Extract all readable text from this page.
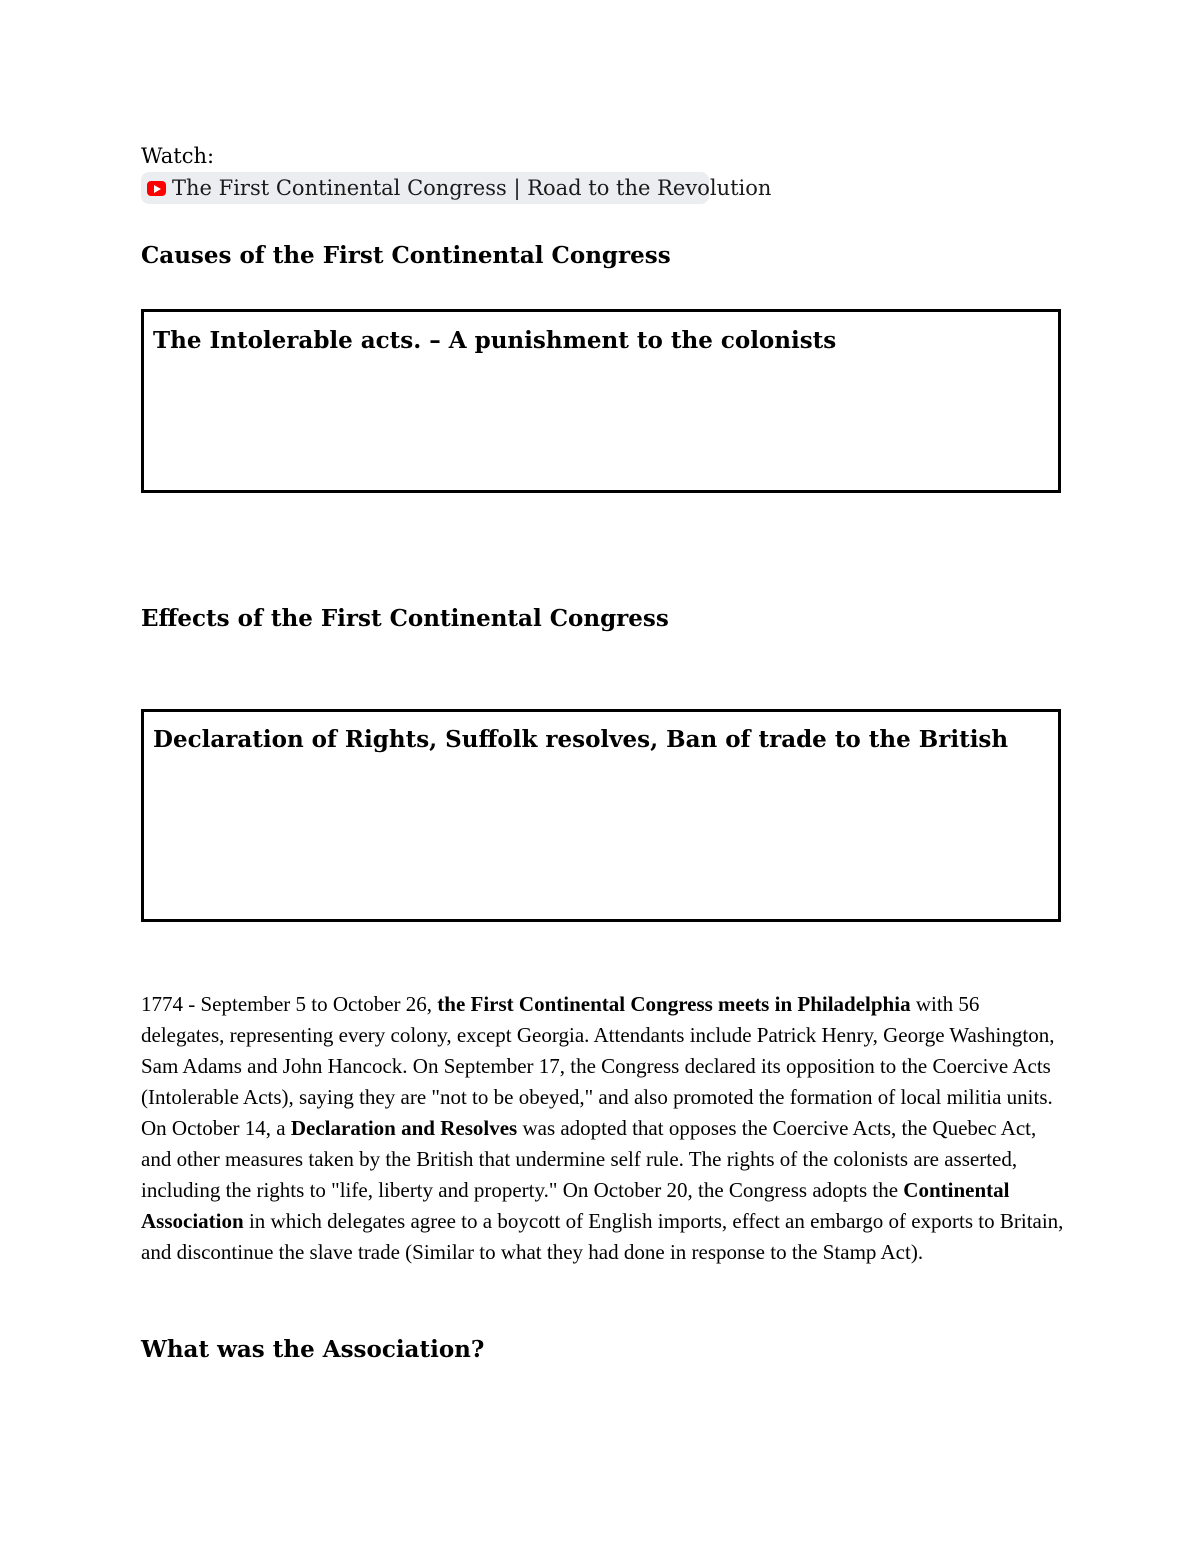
Watch:
The First Continental Congress | Road to the Revolution
Causes of the First Continental Congress
The Intolerable acts. – A punishment to the colonists
Effects of the First Continental Congress
Declaration of Rights, Suffolk resolves, Ban of trade to the British

1774 - September 5 to October 26, the First Continental Congress meets in Philadelphia with 56 delegates, representing every colony, except Georgia. Attendants include Patrick Henry, George Washington, Sam Adams and John Hancock. On September 17, the Congress declared its opposition to the Coercive Acts (Intolerable Acts), saying they are "not to be obeyed," and also promoted the formation of local militia units. On October 14, a Declaration and Resolves was adopted that opposes the Coercive Acts, the Quebec Act, and other measures taken by the British that undermine self rule. The rights of the colonists are asserted, including the rights to "life, liberty and property." On October 20, the Congress adopts the Continental Association in which delegates agree to a boycott of English imports, effect an embargo of exports to Britain, and discontinue the slave trade (Similar to what they had done in response to the Stamp Act).

What was the Association?
